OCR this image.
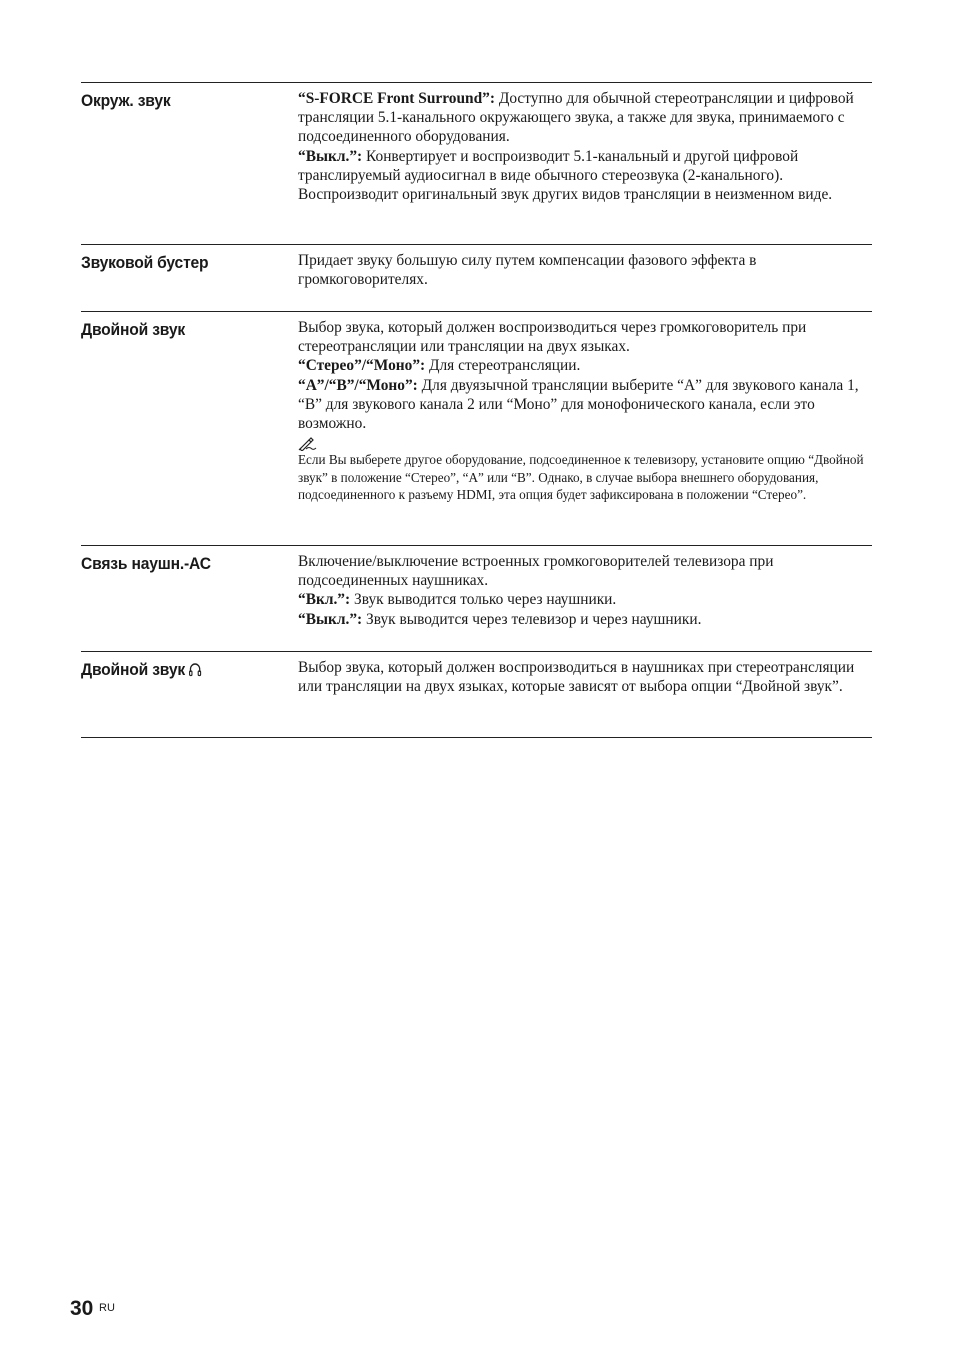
Окруж. звук	“S-FORCE Front Surround”: Доступно для обычной стереотрансляции и цифровой трансляции 5.1-канального окружающего звука, а также для звука, принимаемого с подсоединенного оборудования.

“Выкл.”: Конвертирует и воспроизводит 5.1-канальный и другой цифровой транслируемый аудиосигнал в виде обычного стереозвука (2-канального). Воспроизводит оригинальный звук других видов трансляции в неизменном виде.

Звуковой бустер	Придает звуку большую силу путем компенсации фазового эффекта в громкоговорителях.

Двойной звук	Выбор звука, который должен воспроизводиться через громкоговоритель при стереотрансляции или трансляции на двух языках.

“Стерео”/“Моно”: Для стереотрансляции.

“A”/“B”/“Моно”: Для двуязычной трансляции выберите “A” для звукового канала 1, “B” для звукового канала 2 или “Моно” для монофонического канала, если это возможно.

Если Вы выберете другое оборудование, подсоединенное к телевизору, установите опцию “Двойной звук” в положение “Стерео”, “A” или “B”. Однако, в случае выбора внешнего оборудования, подсоединенного к разъему HDMI, эта опция будет зафиксирована в положении “Стерео”.

Связь наушн.-АС	Включение/выключение встроенных громкоговорителей телевизора при подсоединенных наушниках.

“Вкл.”: Звук выводится только через наушники.

“Выкл.”: Звук выводится через телевизор и через наушники.

Двойной звук	Выбор звука, который должен воспроизводиться в наушниках при стереотрансляции или трансляции на двух языках, которые зависят от выбора опции “Двойной звук”.

30 RU
